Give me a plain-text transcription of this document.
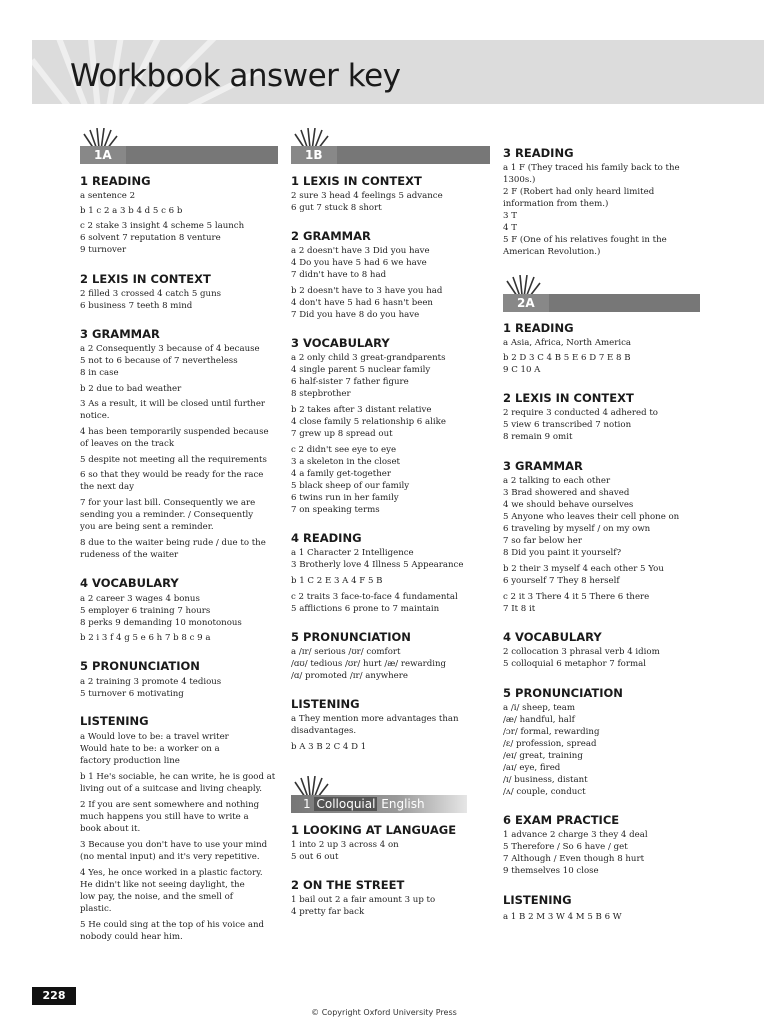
Workbook answer key
1A
1 READING
a sentence 2
b 1 c 2 a 3 b 4 d 5 c 6 b
c 2 stake 3 insight 4 scheme 5 launch
6 solvent 7 reputation 8 venture
9 turnover
2 LEXIS IN CONTEXT
2 filled 3 crossed 4 catch 5 guns
6 business 7 teeth 8 mind
3 GRAMMAR
a 2 Consequently 3 because of 4 because
5 not to 6 because of 7 nevertheless
8 in case
b 2 due to bad weather
3 As a result, it will be closed until further
notice.
4 has been temporarily suspended because
of leaves on the track
5 despite not meeting all the requirements
6 so that they would be ready for the race
the next day
7 for your last bill. Consequently we are
sending you a reminder. / Consequently
you are being sent a reminder.
8 due to the waiter being rude / due to the
rudeness of the waiter
4 VOCABULARY
a 2 career 3 wages 4 bonus
5 employer 6 training 7 hours
8 perks 9 demanding 10 monotonous
b 2 i 3 f 4 g 5 e 6 h 7 b 8 c 9 a
5 PRONUNCIATION
a 2 training 3 promote 4 tedious
5 turnover 6 motivating
LISTENING
a Would love to be: a travel writer
Would hate to be: a worker on a
factory production line
b 1 He's sociable, he can write, he is good at
living out of a suitcase and living cheaply.
2 If you are sent somewhere and nothing
much happens you still have to write a
book about it.
3 Because you don't have to use your mind
(no mental input) and it's very repetitive.
4 Yes, he once worked in a plastic factory.
He didn't like not seeing daylight, the
low pay, the noise, and the smell of
plastic.
5 He could sing at the top of his voice and
nobody could hear him.
1B
1 LEXIS IN CONTEXT
2 sure 3 head 4 feelings 5 advance
6 gut 7 stuck 8 short
2 GRAMMAR
a 2 doesn't have 3 Did you have
4 Do you have 5 had 6 we have
7 didn't have to 8 had
b 2 doesn't have to 3 have you had
4 don't have 5 had 6 hasn't been
7 Did you have 8 do you have
3 VOCABULARY
a 2 only child 3 great-grandparents
4 single parent 5 nuclear family
6 half-sister 7 father figure
8 stepbrother
b 2 takes after 3 distant relative
4 close family 5 relationship 6 alike
7 grew up 8 spread out
c 2 didn't see eye to eye
3 a skeleton in the closet
4 a family get-together
5 black sheep of our family
6 twins run in her family
7 on speaking terms
4 READING
a 1 Character 2 Intelligence
3 Brotherly love 4 Illness 5 Appearance
b 1 C 2 E 3 A 4 F 5 B
c 2 traits 3 face-to-face 4 fundamental
5 afflictions 6 prone to 7 maintain
5 PRONUNCIATION
a /ɪr/ serious /ʊr/ comfort
/ɑʊ/ tedious /ʊr/ hurt /æ/ rewarding
/ɑ/ promoted /ɪr/ anywhere
LISTENING
a They mention more advantages than
disadvantages.
b A 3 B 2 C 4 D 1
1 Colloquial English
1 LOOKING AT LANGUAGE
1 into 2 up 3 across 4 on
5 out 6 out
2 ON THE STREET
1 bail out 2 a fair amount 3 up to
4 pretty far back
3 READING
a 1 F (They traced his family back to the
1300s.)
2 F (Robert had only heard limited
information from them.)
3 T
4 T
5 F (One of his relatives fought in the
American Revolution.)
2A
1 READING
a Asia, Africa, North America
b 2 D 3 C 4 B 5 E 6 D 7 E 8 B
9 C 10 A
2 LEXIS IN CONTEXT
2 require 3 conducted 4 adhered to
5 view 6 transcribed 7 notion
8 remain 9 omit
3 GRAMMAR
a 2 talking to each other
3 Brad showered and shaved
4 we should behave ourselves
5 Anyone who leaves their cell phone on
6 traveling by myself / on my own
7 so far below her
8 Did you paint it yourself?
b 2 their 3 myself 4 each other 5 You
6 yourself 7 They 8 herself
c 2 it 3 There 4 it 5 There 6 there
7 It 8 it
4 VOCABULARY
2 collocation 3 phrasal verb 4 idiom
5 colloquial 6 metaphor 7 formal
5 PRONUNCIATION
a /i/ sheep, team
/æ/ handful, half
/ɔr/ formal, rewarding
/ɛ/ profession, spread
/eɪ/ great, training
/aɪ/ eye, fired
/ɪ/ business, distant
/ʌ/ couple, conduct
6 EXAM PRACTICE
1 advance 2 charge 3 they 4 deal
5 Therefore / So 6 have / get
7 Although / Even though 8 hurt
9 themselves 10 close
LISTENING
a 1 B 2 M 3 W 4 M 5 B 6 W
228
© Copyright Oxford University Press
